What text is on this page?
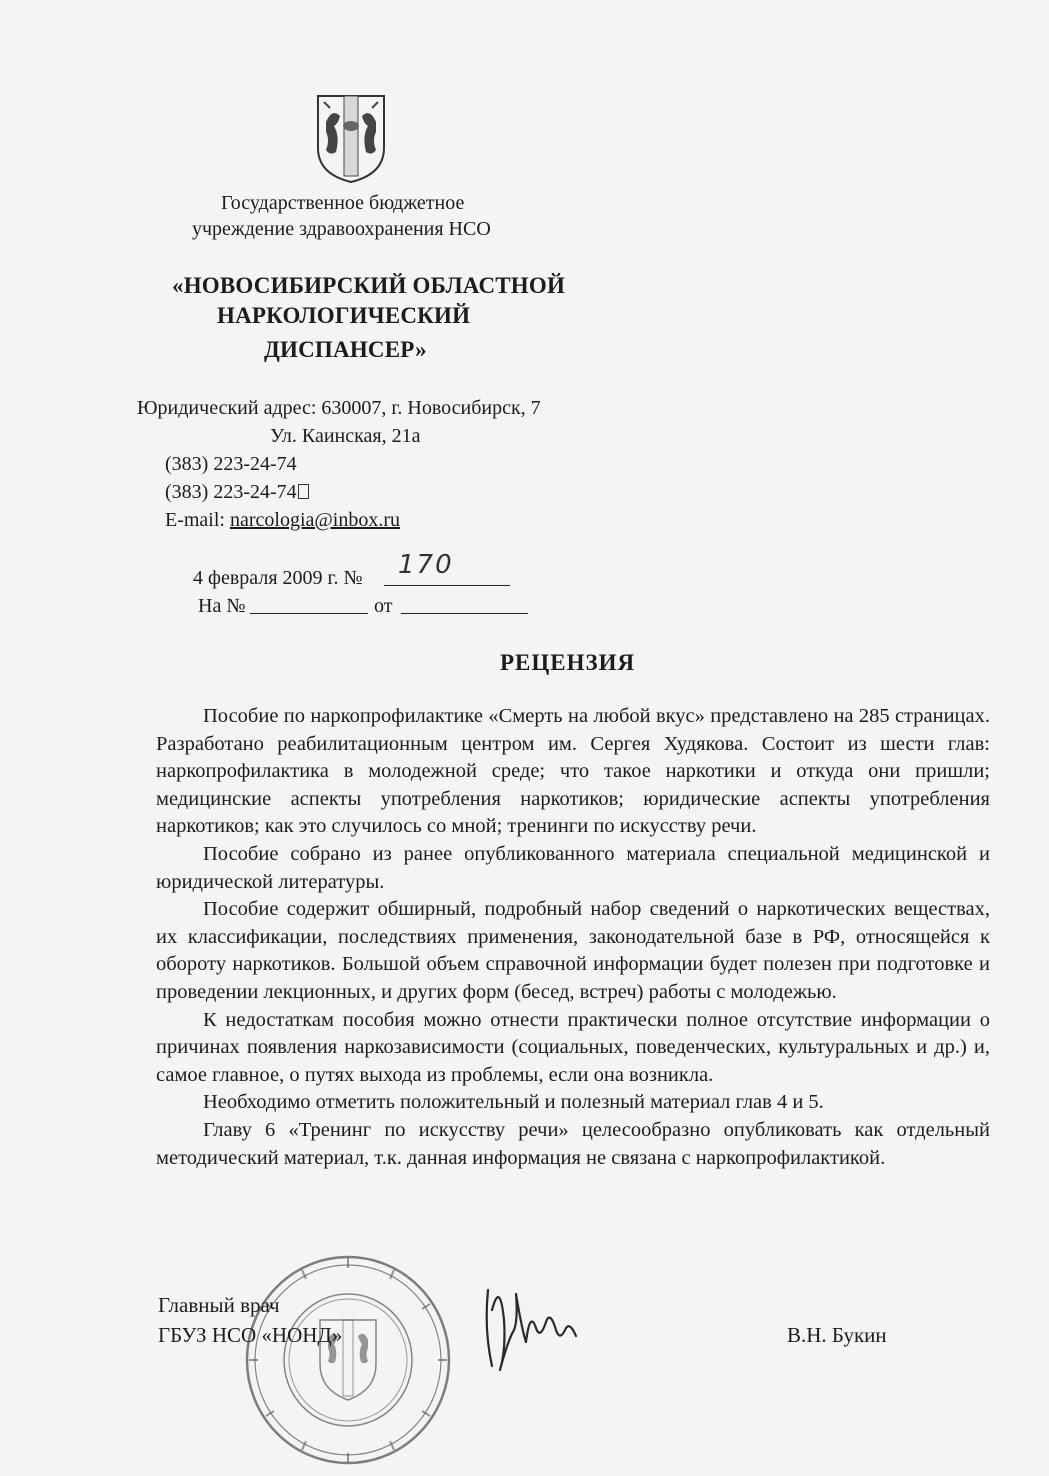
Государственное бюджетное
учреждение здравоохранения НСО
«НОВОСИБИРСКИЙ ОБЛАСТНОЙ
НАРКОЛОГИЧЕСКИЙ
ДИСПАНСЕР»
Юридический адрес: 630007, г. Новосибирск, 7
Ул. Каинская, 21а
(383) 223-24-74
(383) 223-24-74
E-mail: narcologia@inbox.ru
4 февраля 2009 г. № 170
На №	от
РЕЦЕНЗИЯ

Пособие по наркопрофилактике «Смерть на любой вкус» представлено на 285 страницах. Разработано реабилитационным центром им. Сергея Худякова. Состоит из шести глав: наркопрофилактика в молодежной среде; что такое наркотики и откуда они пришли; медицинские аспекты употребления наркотиков; юридические аспекты употребления наркотиков; как это случилось со мной; тренинги по искусству речи.

Пособие собрано из ранее опубликованного материала специальной медицинской и юридической литературы.

Пособие содержит обширный, подробный набор сведений о наркотических веществах, их классификации, последствиях применения, законодательной базе в РФ, относящейся к обороту наркотиков. Большой объем справочной информации будет полезен при подготовке и проведении лекционных, и других форм (бесед, встреч) работы с молодежью.

К недостаткам пособия можно отнести практически полное отсутствие информации о причинах появления наркозависимости (социальных, поведенческих, культуральных и др.) и, самое главное, о путях выхода из проблемы, если она возникла.

Необходимо отметить положительный и полезный материал глав 4 и 5.

Главу 6 «Тренинг по искусству речи» целесообразно опубликовать как отдельный методический материал, т.к. данная информация не связана с наркопрофилактикой.

Главный врач
ГБУЗ НСО «НОНД»	В.Н. Букин
